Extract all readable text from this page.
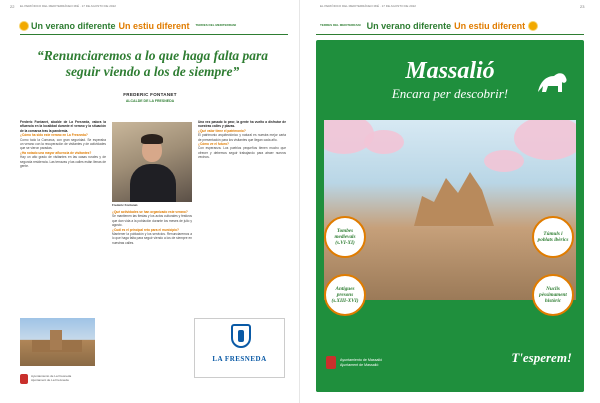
EL PERIÓDICO DEL MEDITERRÁNEO MIÉ · 17 DE AGOSTO DE 2022
22
Un verano diferente Un estiu diferent TERRES DEL MEDITERRANI
“Renunciaremos a lo que haga falta para seguir viendo a los de siempre”
FREDERIC FONTANET
ALCALDE DE LA FRESNEDA

Frederic Fontanet, alcalde de La Fresneda, valora la afluencia en la localidad durante el verano y la situación de la comarca tras la pandemia.

¿Cómo ha sido este verano en La Fresneda?

Como todo la Comarca, con gran seguridad. Se esperaba un verano con la recuperación de visitantes y de actividades que se vieron paradas.

¿Ha notado una mayor afluencia de visitantes?

Hay un alto grado de visitantes en las casas rurales y de segunda residencia. Las terrazas y las calles están llenas de gente.

Frederic Fontanet.

¿Qué actividades se han organizado este verano?

Se mantienen las fiestas y los actos culturales y festivos que dan vida a la población durante los meses de julio y agosto.

¿Cuál es el principal reto para el municipio?

Mantener la población y los servicios. Renunciaremos a lo que haga falta para seguir viendo a los de siempre en nuestras calles.

Una vez pasado lo peor, la gente ha vuelto a disfrutar de nuestras calles y plazas.

¿Qué valor tiene el patrimonio?

El patrimonio arquitectónico y natural es nuestra mejor carta de presentación para los visitantes que llegan cada año.

¿Cómo ve el futuro?

Con esperanza. Los pueblos pequeños tienen mucho que ofrecer y debemos seguir trabajando para atraer nuevos vecinos.

LA FRESNEDA
Ayuntamiento de La Fresneda
Ajuntament de La Freixneda
EL PERIÓDICO DEL MEDITERRÁNEO MIÉ · 17 DE AGOSTO DE 2022	23
TERRES DEL MEDITERRANI Un verano diferente Un estiu diferent
Massalió
Encara per descobrir!
Tombes medievals (s.VI-XI)
Túmuls i poblats ibèrics
Antigues presons (s.XIII-XVI)
Nuclis pèssimament històric
Ayuntamiento de Massalió
Ajuntament de Massalió	T'esperem!
